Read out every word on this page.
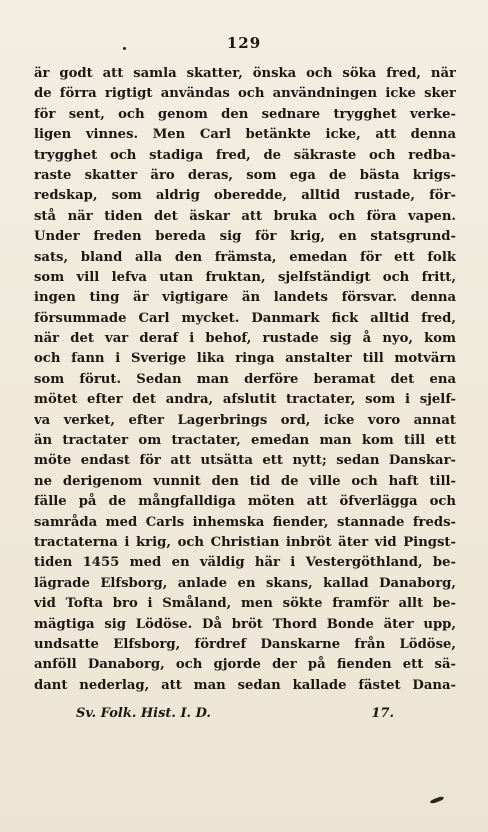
129
är godt att samla skatter, önska och söka fred, när
de förra rigtigt användas och användningen icke sker
för sent, och genom den sednare trygghet verke-
ligen vinnes. Men Carl betänkte icke, att denna
trygghet och stadiga fred, de säkraste och redba-
raste skatter äro deras, som ega de bästa krigs-
redskap, som aldrig oberedde, alltid rustade, för-
stå när tiden det äskar att bruka och föra vapen.
Under freden bereda sig för krig, en statsgrund-
sats, bland alla den främsta, emedan för ett folk
som vill lefva utan fruktan, sjelfständigt och fritt,
ingen ting är vigtigare än landets försvar. denna
försummade Carl mycket. Danmark fick alltid fred,
när det var deraf i behof, rustade sig å nyo, kom
och fann i Sverige lika ringa anstalter till motvärn
som förut. Sedan man derföre beramat det ena
mötet efter det andra, afslutit tractater, som i sjelf-
va verket, efter Lagerbrings ord, icke voro annat
än tractater om tractater, emedan man kom till ett
möte endast för att utsätta ett nytt; sedan Danskar-
ne derigenom vunnit den tid de ville och haft till-
fälle på de mångfalldiga möten att öfverlägga och
samråda med Carls inhemska fiender, stannade freds-
tractaterna i krig, och Christian inbröt äter vid Pingst-
tiden 1455 med en väldig här i Vestergöthland, be-
lägrade Elfsborg, anlade en skans, kallad Danaborg,
vid Tofta bro i Småland, men sökte framför allt be-
mägtiga sig Lödöse. Då bröt Thord Bonde äter upp,
undsatte Elfsborg, fördref Danskarne från Lödöse,
anföll Danaborg, och gjorde der på fienden ett sä-
dant nederlag, att man sedan kallade fästet Dana-
Sv. Folk. Hist. I. D.	17.
